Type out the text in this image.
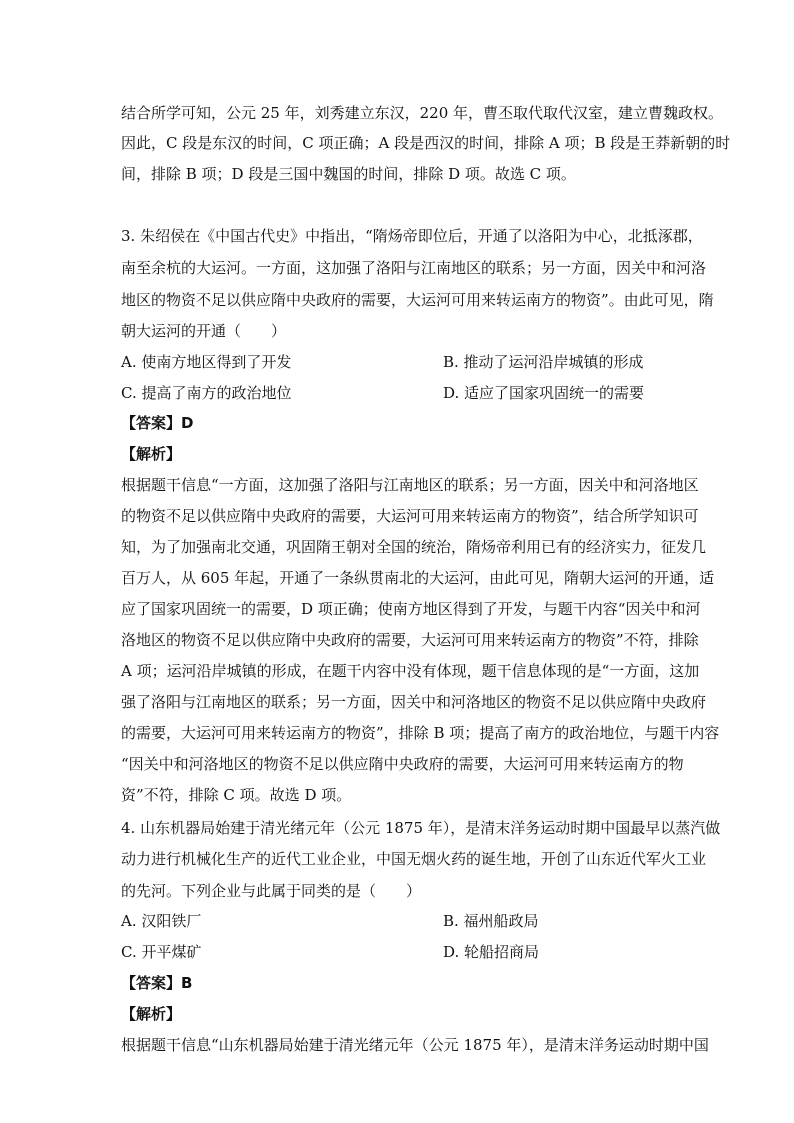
结合所学可知，公元 25 年，刘秀建立东汉，220 年，曹丕取代取代汉室，建立曹魏政权。
因此，C 段是东汉的时间，C 项正确；A 段是西汉的时间，排除 A 项；B 段是王莽新朝的时
间，排除 B 项；D 段是三国中魏国的时间，排除 D 项。故选 C 项。
3. 朱绍侯在《中国古代史》中指出，“隋炀帝即位后，开通了以洛阳为中心，北抵涿郡，
南至余杭的大运河。一方面，这加强了洛阳与江南地区的联系；另一方面，因关中和河洛
地区的物资不足以供应隋中央政府的需要，大运河可用来转运南方的物资”。由此可见，隋
朝大运河的开通（　　）
A. 使南方地区得到了开发	B. 推动了运河沿岸城镇的形成
C. 提高了南方的政治地位	D. 适应了国家巩固统一的需要
【答案】D
【解析】
根据题干信息“一方面，这加强了洛阳与江南地区的联系；另一方面，因关中和河洛地区
的物资不足以供应隋中央政府的需要，大运河可用来转运南方的物资”，结合所学知识可
知，为了加强南北交通，巩固隋王朝对全国的统治，隋炀帝利用已有的经济实力，征发几
百万人，从 605 年起，开通了一条纵贯南北的大运河，由此可见，隋朝大运河的开通，适
应了国家巩固统一的需要，D 项正确；使南方地区得到了开发，与题干内容“因关中和河
洛地区的物资不足以供应隋中央政府的需要，大运河可用来转运南方的物资”不符，排除
A 项；运河沿岸城镇的形成，在题干内容中没有体现，题干信息体现的是“一方面，这加
强了洛阳与江南地区的联系；另一方面，因关中和河洛地区的物资不足以供应隋中央政府
的需要，大运河可用来转运南方的物资”，排除 B 项；提高了南方的政治地位，与题干内容
“因关中和河洛地区的物资不足以供应隋中央政府的需要，大运河可用来转运南方的物
资”不符，排除 C 项。故选 D 项。
4. 山东机器局始建于清光绪元年（公元 1875 年），是清末洋务运动时期中国最早以蒸汽做
动力进行机械化生产的近代工业企业，中国无烟火药的诞生地，开创了山东近代军火工业
的先河。下列企业与此属于同类的是（　　）
A. 汉阳铁厂	B. 福州船政局
C. 开平煤矿	D. 轮船招商局
【答案】B
【解析】
根据题干信息“山东机器局始建于清光绪元年（公元 1875 年），是清末洋务运动时期中国
